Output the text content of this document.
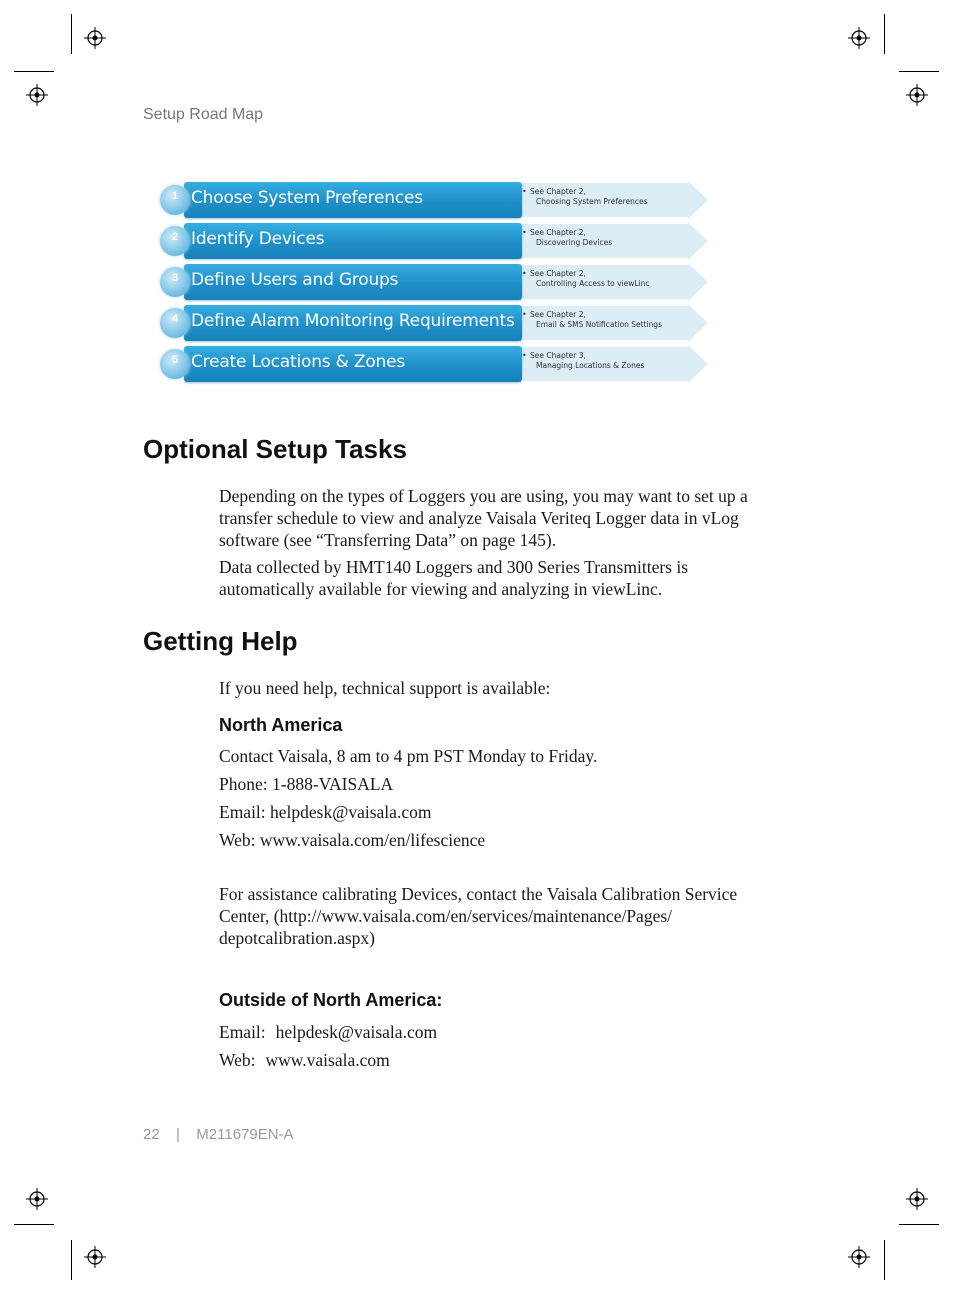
Setup Road Map
1 Choose System Preferences	• See Chapter 2,
Choosing System Preferences
2 Identify Devices	• See Chapter 2,
Discovering Devices
3 Define Users and Groups	• See Chapter 2,
Controlling Access to viewLinc
4 Define Alarm Monitoring Requirements • See Chapter 2,
Email & SMS Notification Settings
5 Create Locations & Zones	• See Chapter 3,
Managing Locations & Zones
Optional Setup Tasks

Depending on the types of Loggers you are using, you may want to set up a transfer schedule to view and analyze Vaisala Veriteq Logger data in vLog software (see “Transferring Data” on page 145).

Data collected by HMT140 Loggers and 300 Series Transmitters is automatically available for viewing and analyzing in viewLinc.

Getting Help
If you need help, technical support is available:
North America
Contact Vaisala, 8 am to 4 pm PST Monday to Friday.
Phone: 1-888-VAISALA
Email: helpdesk@vaisala.com
Web: www.vaisala.com/en/lifescience

For assistance calibrating Devices, contact the Vaisala Calibration Service Center, (http://www.vaisala.com/en/services/maintenance/Pages/ depotcalibration.aspx)

Outside of North America:
Email: helpdesk@vaisala.com
Web: www.vaisala.com
22 | M211679EN-A
